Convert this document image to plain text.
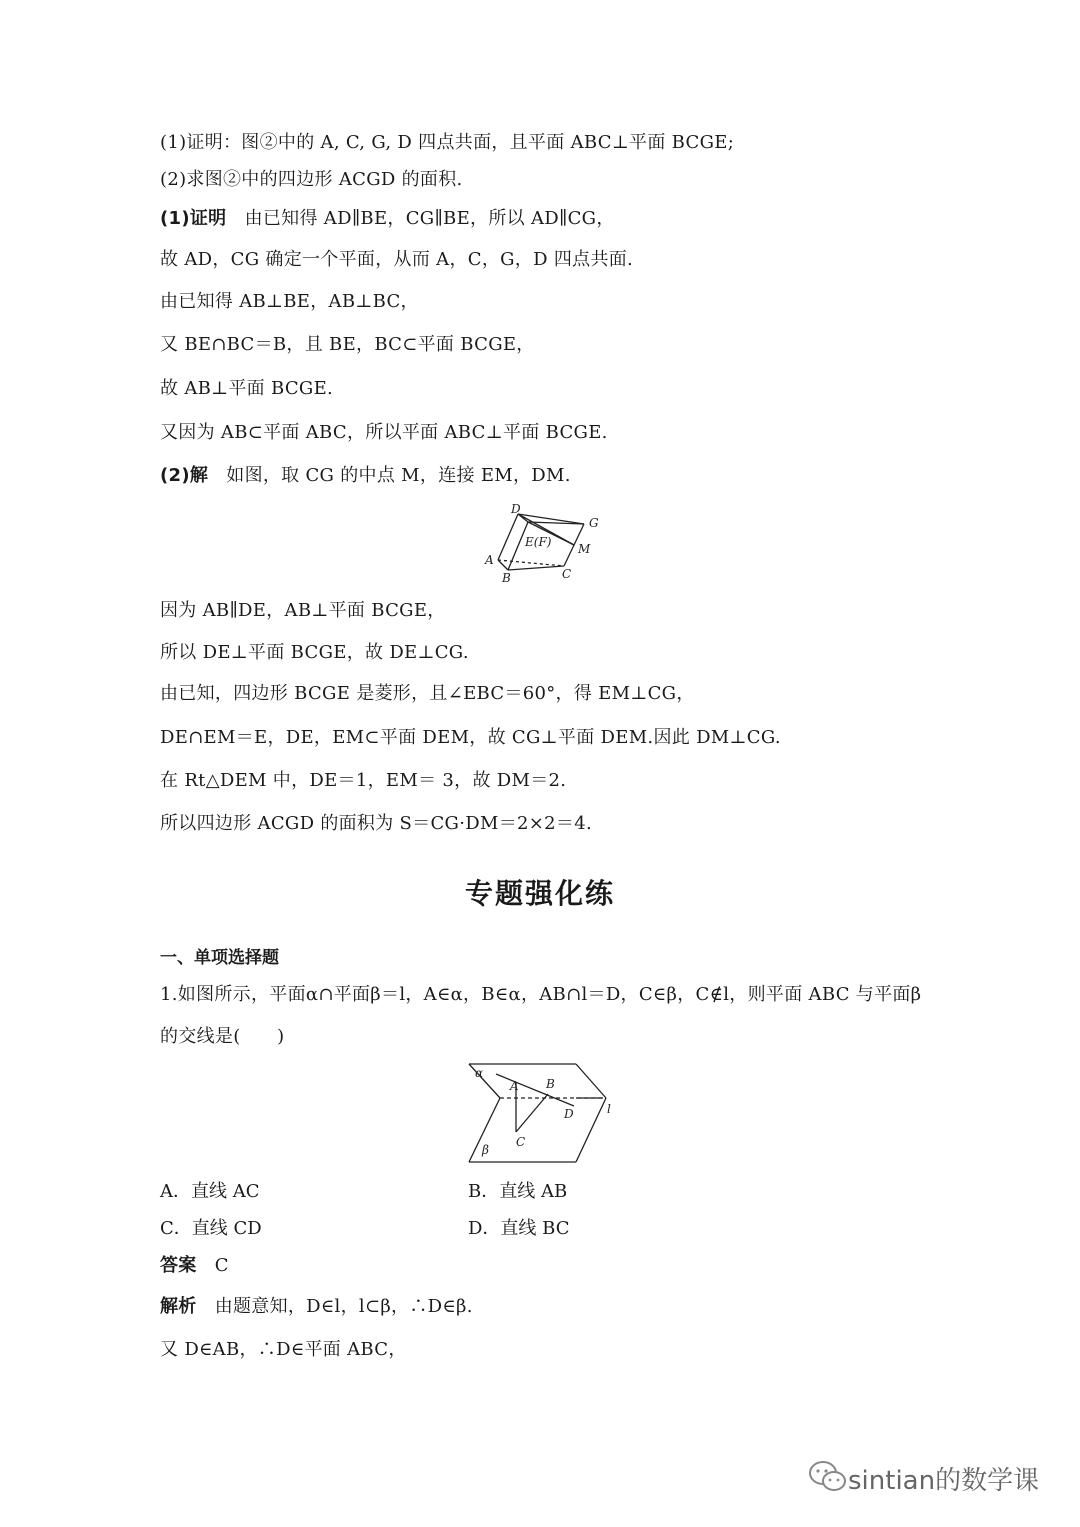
(1)证明：图②中的 A, C, G, D 四点共面，且平面 ABC⊥平面 BCGE;
(2)求图②中的四边形 ACGD 的面积.
(1)证明 由已知得 AD∥BE，CG∥BE，所以 AD∥CG，
故 AD，CG 确定一个平面，从而 A，C，G，D 四点共面.
由已知得 AB⊥BE，AB⊥BC，
又 BE∩BC＝B，且 BE，BC⊂平面 BCGE，
故 AB⊥平面 BCGE.
又因为 AB⊂平面 ABC，所以平面 ABC⊥平面 BCGE.
(2)解 如图，取 CG 的中点 M，连接 EM，DM.
D
G
E(F) M
A
B	C
因为 AB∥DE，AB⊥平面 BCGE，
所以 DE⊥平面 BCGE，故 DE⊥CG.
由已知，四边形 BCGE 是菱形，且∠EBC＝60°，得 EM⊥CG，
DE∩EM＝E，DE，EM⊂平面 DEM，故 CG⊥平面 DEM.因此 DM⊥CG.
在 Rt△DEM 中，DE＝1，EM＝ 3，故 DM＝2.
所以四边形 ACGD 的面积为 S＝CG·DM＝2×2＝4.
专题强化练
一、单项选择题
1.如图所示，平面α∩平面β＝l，A∈α，B∈α，AB∩l＝D，C∈β，C∉l，则平面 ABC 与平面β
的交线是(　　)
α
β
A B
D
C
l
A．直线 AC	B．直线 AB
C．直线 CD	D．直线 BC
答案 C
解析 由题意知，D∈l，l⊂β，∴D∈β.
又 D∈AB，∴D∈平面 ABC，
sintian的数学课
